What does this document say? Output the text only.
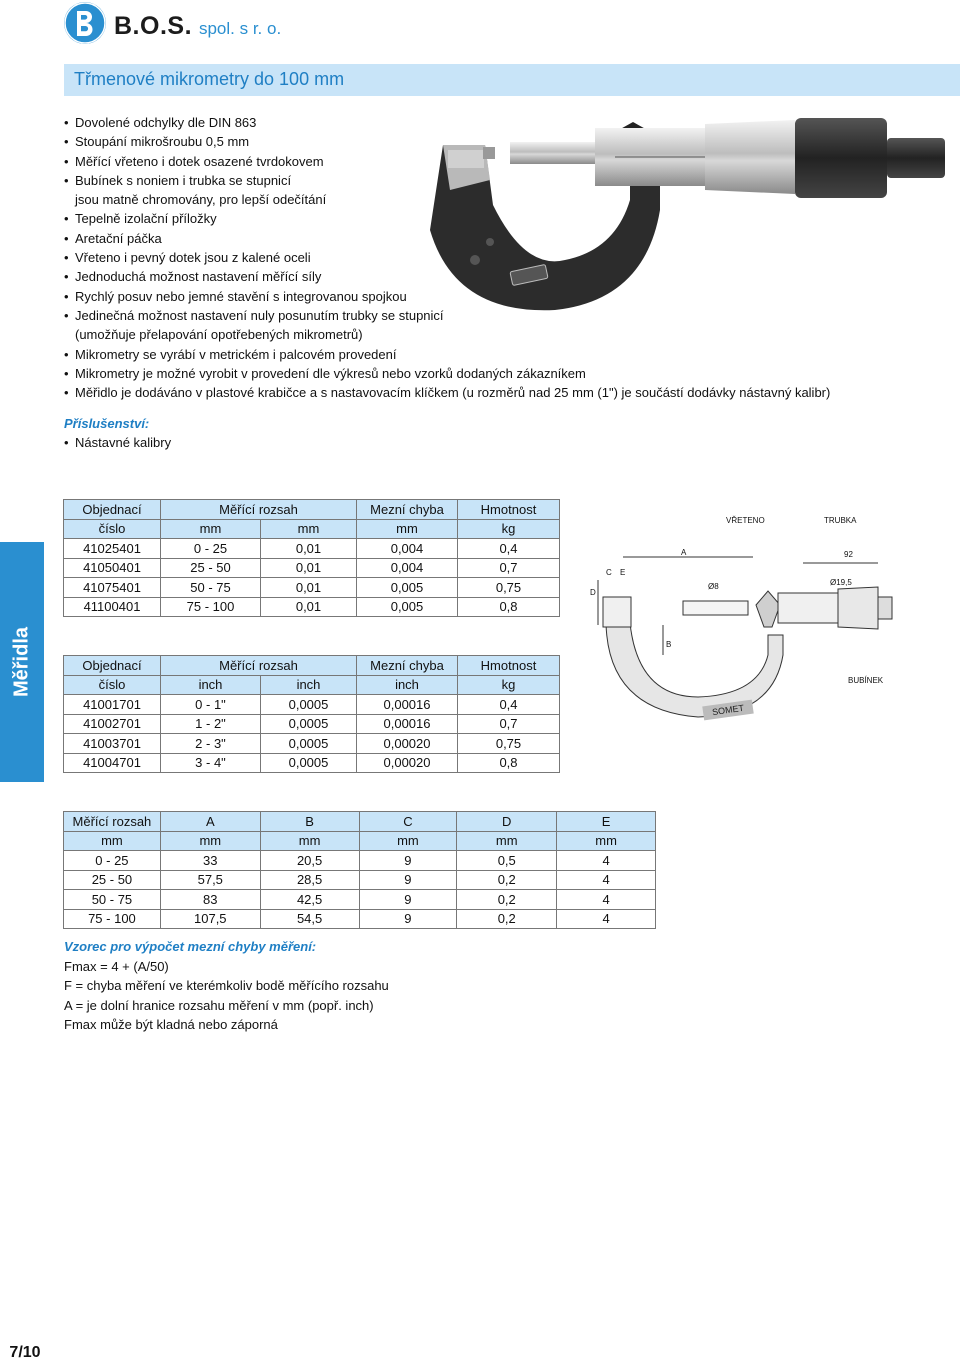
B.O.S. spol. s r. o.
Třmenové mikrometry do 100 mm
• Dovolené odchylky dle DIN 863
• Stoupání mikrošroubu 0,5 mm
• Měřící vřeteno i dotek osazené tvrdokovem
• Bubínek s noniem i trubka se stupnicí
jsou matně chromovány, pro lepší odečítání
• Tepelně izolační příložky
• Aretační páčka
• Vřeteno i pevný dotek jsou z kalené oceli
• Jednoduchá možnost nastavení měřící síly
• Rychlý posuv nebo jemné stavění s integrovanou spojkou
• Jedinečná možnost nastavení nuly posunutím trubky se stupnicí
(umožňuje přelapování opotřebených mikrometrů)
• Mikrometry se vyrábí v metrickém i palcovém provedení
• Mikrometry je možné vyrobit v provedení dle výkresů nebo vzorků dodaných zákazníkem
• Měřidlo je dodáváno v plastové krabičce a s nastavovacím klíčkem (u rozměrů nad 25 mm (1") je součástí dodávky nástavný kalibr)
Příslušenství:
• Nástavné kalibry
Měřidla
Objednací	Měřící rozsah		Mezní chyba	Hmotnost
číslo	mm	mm	mm	kg
41025401	0 - 25	0,01	0,004	0,4
41050401	25 - 50	0,01	0,004	0,7
41075401	50 - 75	0,01	0,005	0,75
41100401	75 - 100	0,01	0,005	0,8
Objednací	Měřící rozsah		Mezní chyba	Hmotnost
číslo	inch	inch	inch	kg
41001701	0 - 1"	0,0005	0,00016	0,4
41002701	1 - 2"	0,0005	0,00016	0,7
41003701	2 - 3"	0,0005	0,00020	0,75
41004701	3 - 4"	0,0005	0,00020	0,8
SOMET
VŘETENO	TRUBKA
BUBÍNEK
A
B
C
D
E
92
Ø8	Ø19,5
Měřící rozsah	A	B	C	D	E
mm	mm	mm	mm	mm	mm
0 - 25	33	20,5	9	0,5	4
25 - 50	57,5	28,5	9	0,2	4
50 - 75	83	42,5	9	0,2	4
75 - 100	107,5	54,5	9	0,2	4
Vzorec pro výpočet mezní chyby měření:
Fmax = 4 + (A/50)
F = chyba měření ve kterémkoliv bodě měřícího rozsahu
A = je dolní hranice rozsahu měření v mm (popř. inch)
Fmax může být kladná nebo záporná
7/10
